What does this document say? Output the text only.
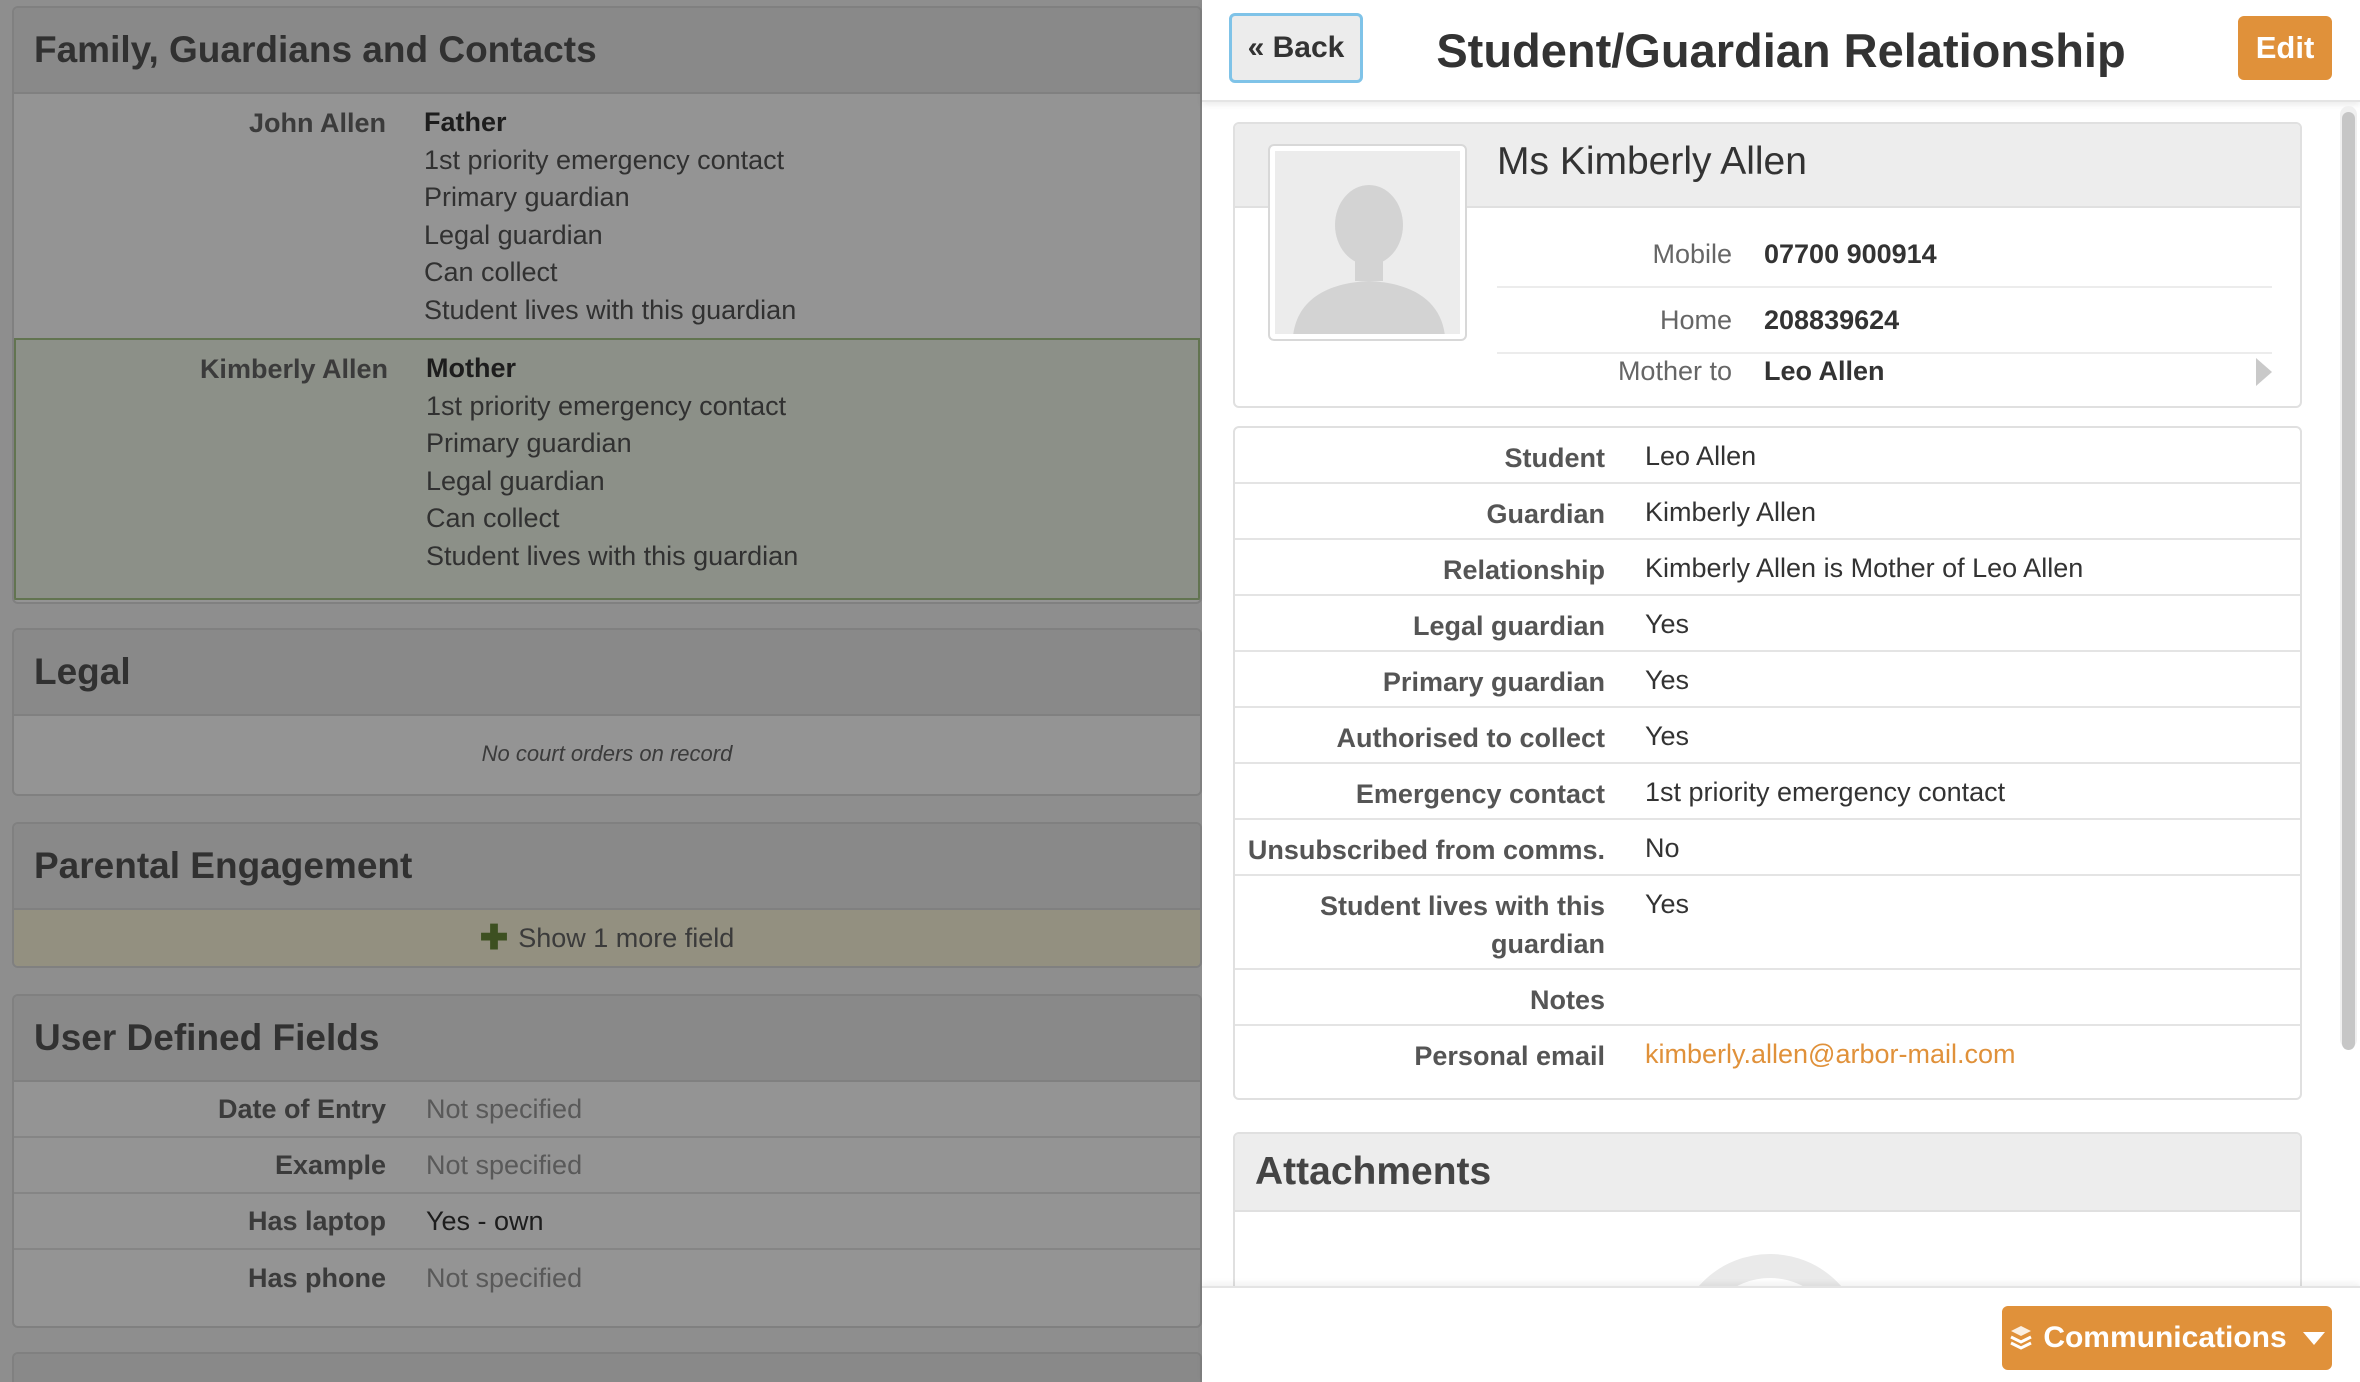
Family, Guardians and Contacts
John Allen Father
1st priority emergency contact
Primary guardian
Legal guardian
Can collect
Student lives with this guardian
Kimberly Allen Mother
1st priority emergency contact
Primary guardian
Legal guardian
Can collect
Student lives with this guardian
Legal
No court orders on record
Parental Engagement
✚ Show 1 more field
User Defined Fields
Date of Entry Not specified
Example Not specified
Has laptop Yes - own
Has phone Not specified
« Back	Student/Guardian Relationship	Edit
Ms Kimberly Allen
Mobile 07700 900914
Home 208839624
Mother to Leo Allen
Student Leo Allen
Guardian Kimberly Allen
Relationship Kimberly Allen is Mother of Leo Allen
Legal guardian Yes
Primary guardian Yes
Authorised to collect Yes
Emergency contact 1st priority emergency contact
Unsubscribed from comms. No
Student lives with this guardian
Yes
Notes
Personal email kimberly.allen@arbor-mail.com
Attachments
Communications
